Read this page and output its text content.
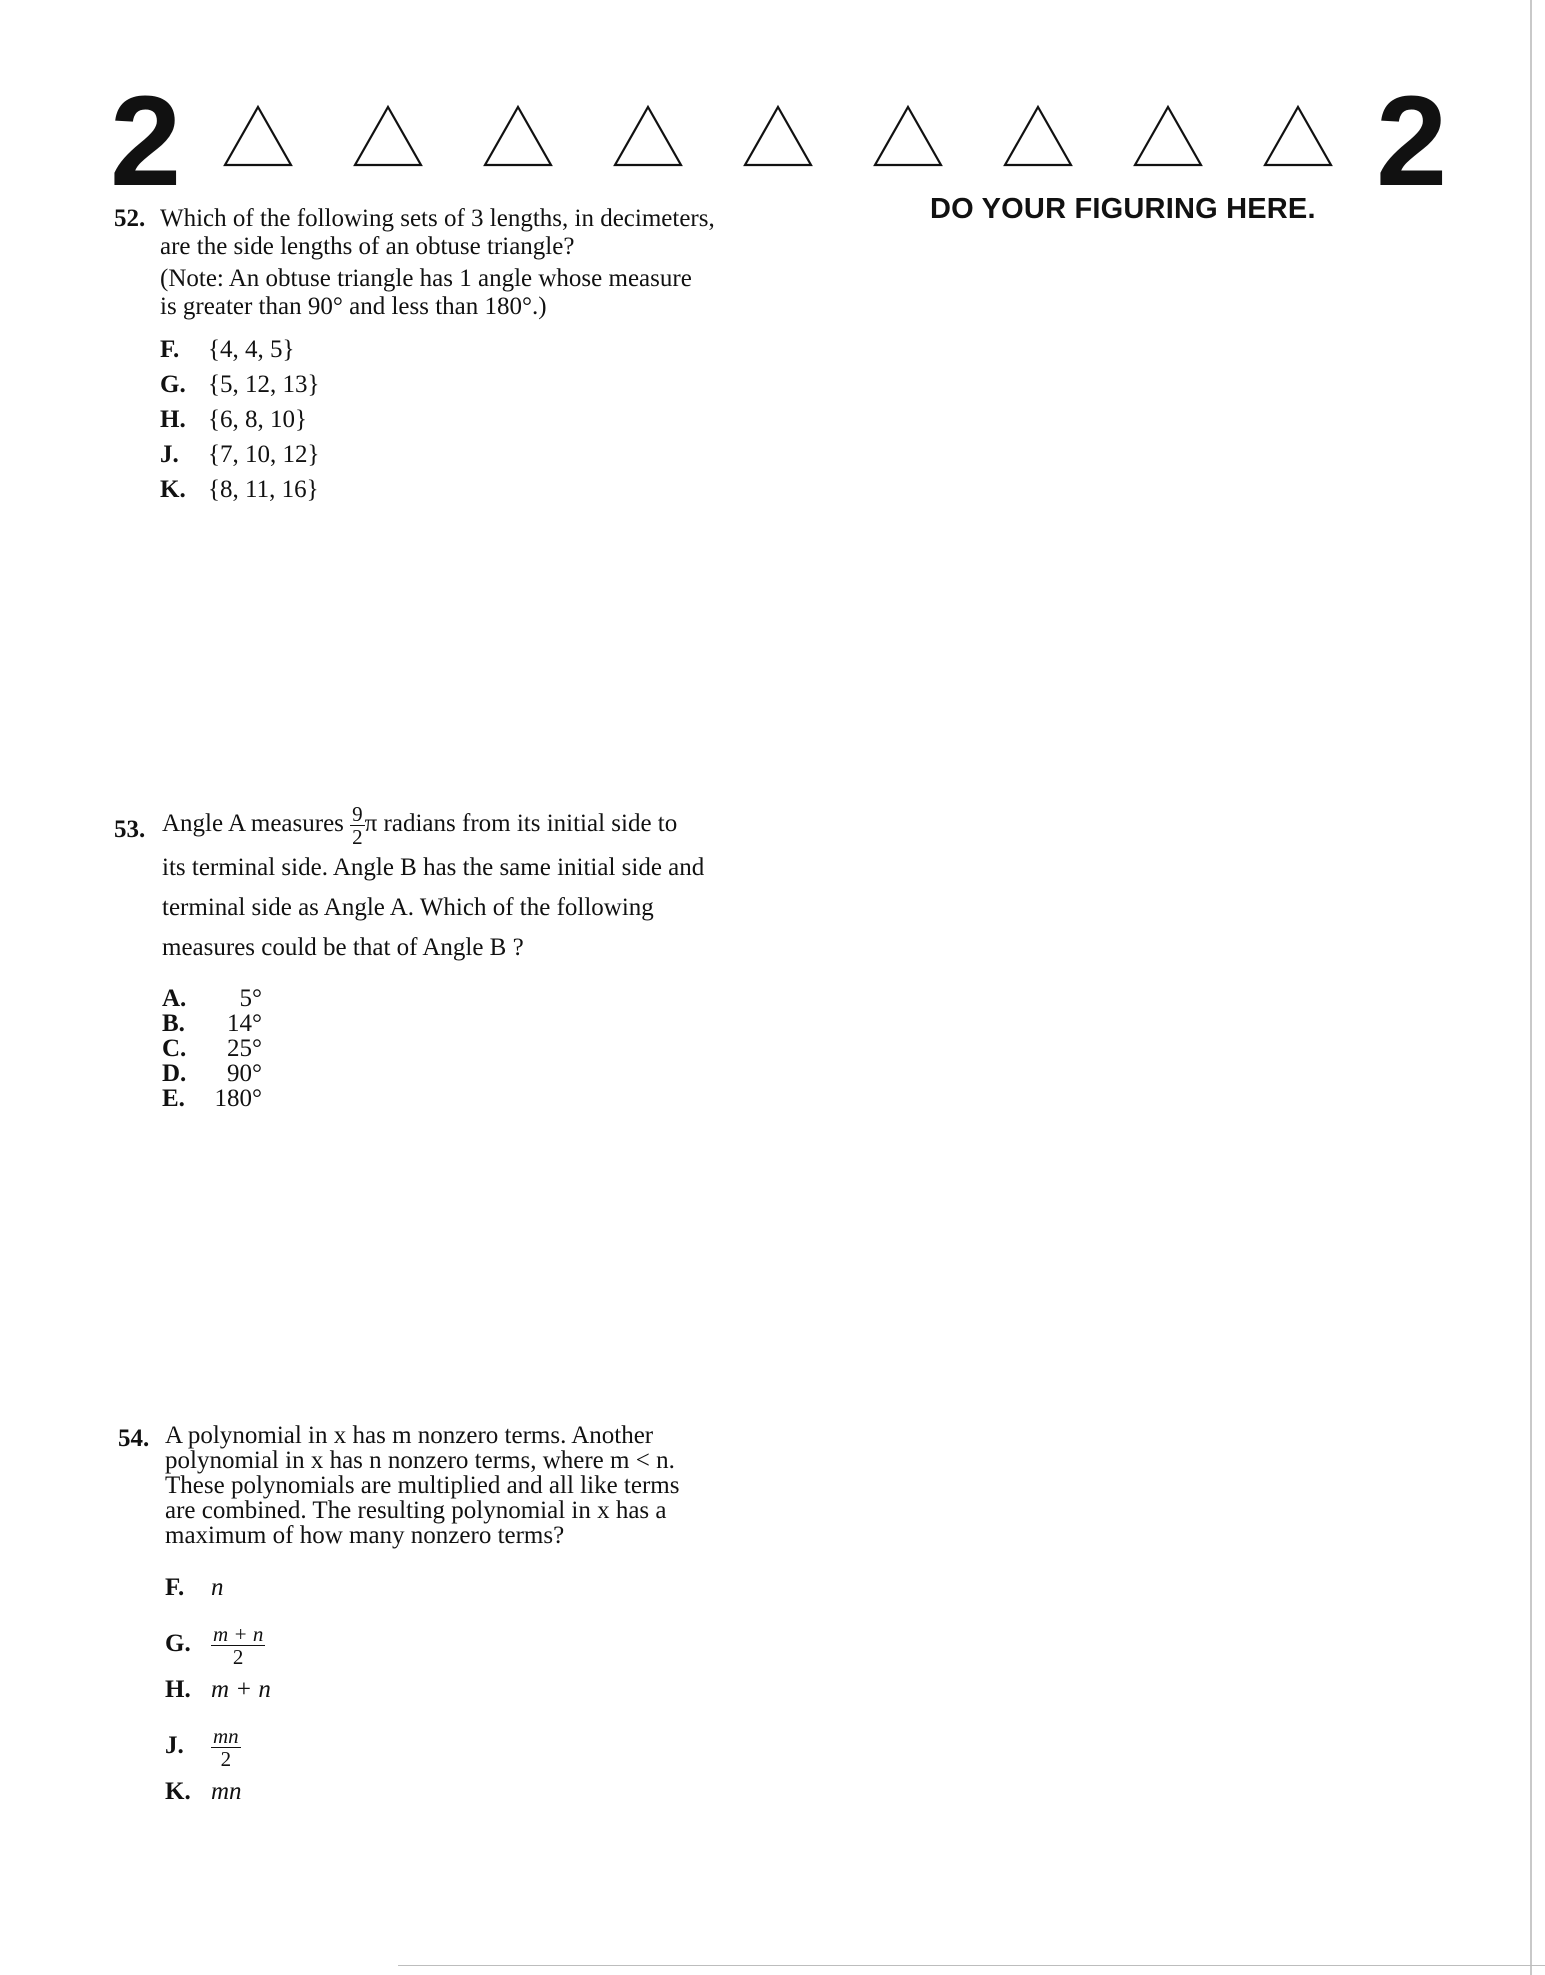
2	2
DO YOUR FIGURING HERE.
52. Which of the following sets of 3 lengths, in decimeters,
are the side lengths of an obtuse triangle?
(Note: An obtuse triangle has 1 angle whose measure
is greater than 90° and less than 180°.)
F. {4, 4, 5}
G. {5, 12, 13}
H. {6, 8, 10}
J. {7, 10, 12}
K. {8, 11, 16}
53. Angle A measures $\frac{9}{2}$ π radians from its initial side to
its terminal side. Angle B has the same initial side and
terminal side as Angle A. Which of the following
measures could be that of Angle B ?
A. 5°
B. 14°
C. 25°
D. 90°
E. 180°
54. A polynomial in x has m nonzero terms. Another
polynomial in x has n nonzero terms, where m < n.
These polynomials are multiplied and all like terms
are combined. The resulting polynomial in x has a
maximum of how many nonzero terms?
F. n
G. $\frac{m + n}{2}$
H. m + n
J. $\frac{mn}{2}$
K. mn
